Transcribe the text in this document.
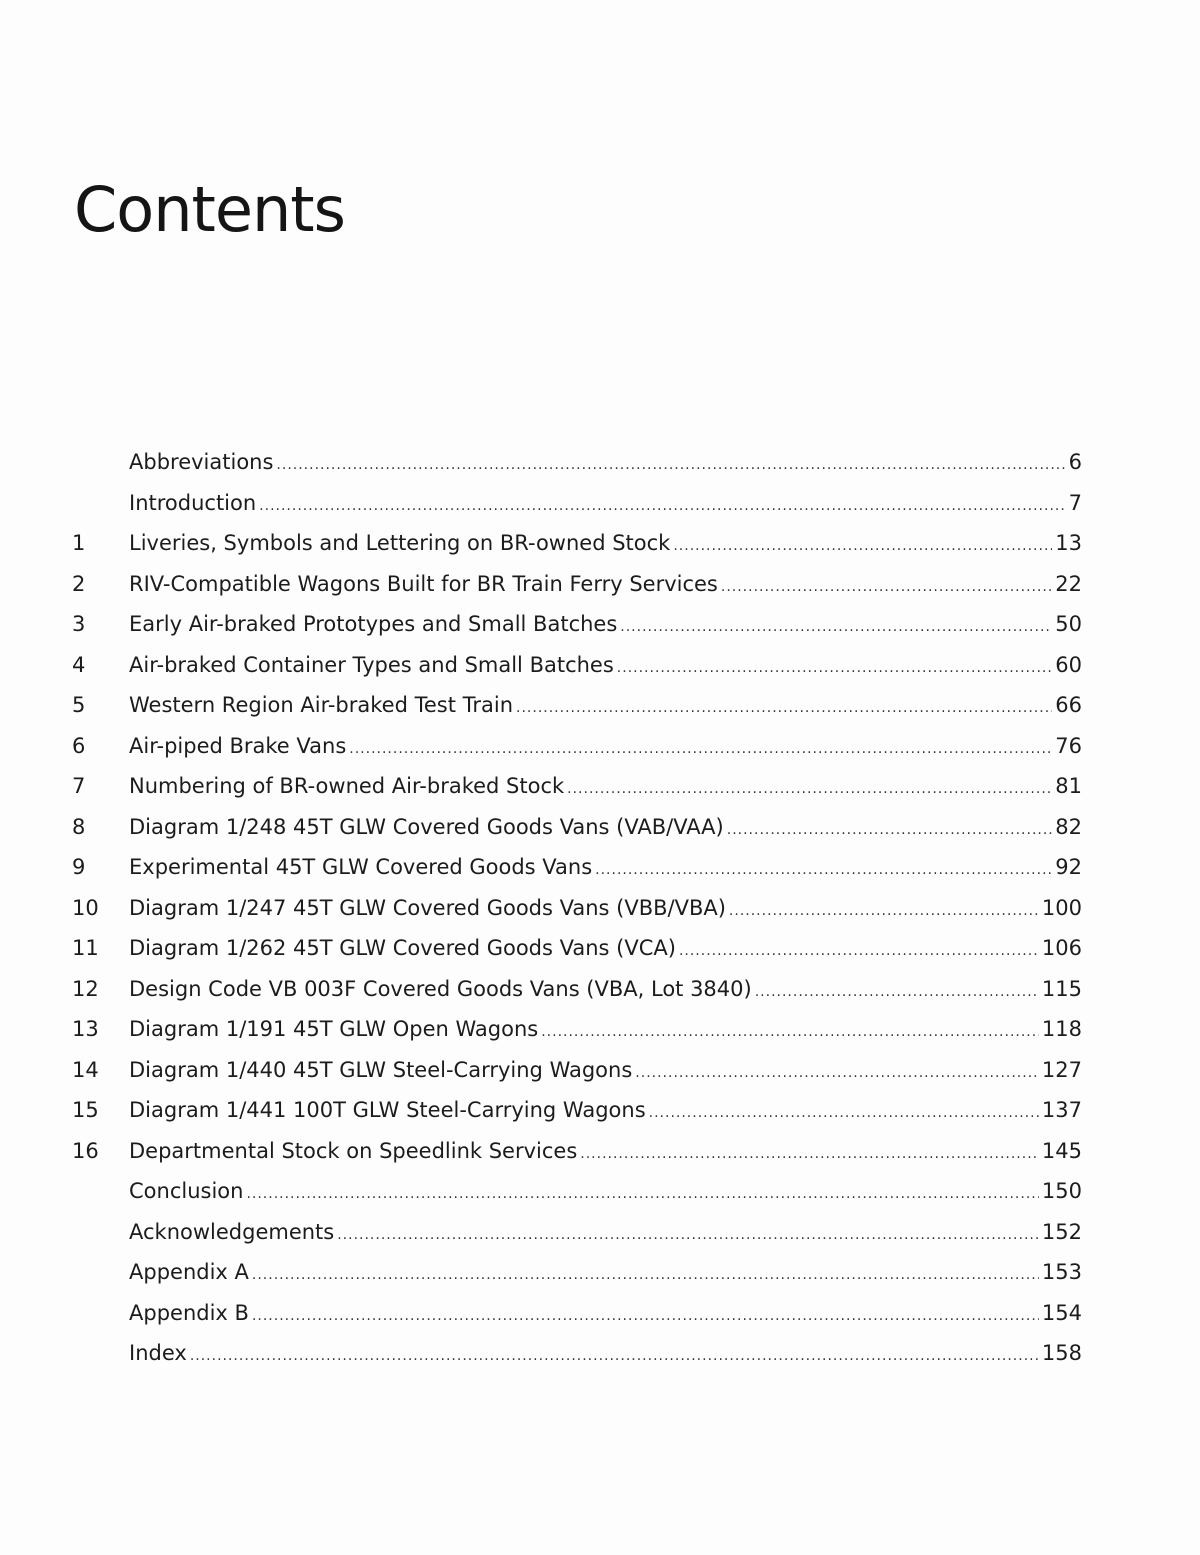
Contents
Abbreviations .....	6
Introduction .....	7
1	Liveries, Symbols and Lettering on BR-owned Stock .....	13
2	RIV-Compatible Wagons Built for BR Train Ferry Services .....	22
3	Early Air-braked Prototypes and Small Batches .....	50
4	Air-braked Container Types and Small Batches .....	60
5	Western Region Air-braked Test Train .....	66
6	Air-piped Brake Vans .....	76
7	Numbering of BR-owned Air-braked Stock .....	81
8	Diagram 1/248 45T GLW Covered Goods Vans (VAB/VAA) .....	82
9	Experimental 45T GLW Covered Goods Vans .....	92
10	Diagram 1/247 45T GLW Covered Goods Vans (VBB/VBA) .....	100
11	Diagram 1/262 45T GLW Covered Goods Vans (VCA) .....	106
12	Design Code VB 003F Covered Goods Vans (VBA, Lot 3840) .....	115
13	Diagram 1/191 45T GLW Open Wagons .....	118
14	Diagram 1/440 45T GLW Steel-Carrying Wagons .....	127
15	Diagram 1/441 100T GLW Steel-Carrying Wagons .....	137
16	Departmental Stock on Speedlink Services .....	145
Conclusion .....	150
Acknowledgements .....	152
Appendix A .....	153
Appendix B .....	154
Index .....	158
